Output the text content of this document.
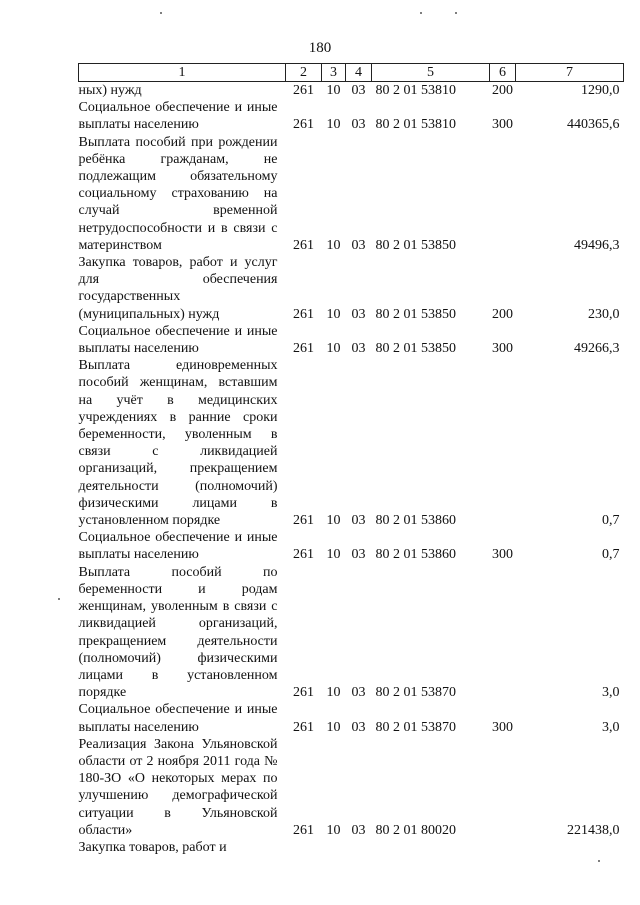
180
1	2	3	4	5	6	7
ных) нужд	261	10	03	80 2 01 53810	200	1290,0
Социальное обеспечение и иные выплаты населению	261	10	03	80 2 01 53810	300	440365,6
Выплата пособий при рождении ребёнка гражданам, не подлежащим обязательному социальному страхованию на случай временной нетрудоспособности и в связи с материнством	261	10	03	80 2 01 53850		49496,3
Закупка товаров, работ и услуг для обеспечения государственных (муниципальных) нужд	261	10	03	80 2 01 53850	200	230,0
Социальное обеспечение и иные выплаты населению	261	10	03	80 2 01 53850	300	49266,3
Выплата единовременных пособий женщинам, вставшим на учёт в медицинских учреждениях в ранние сроки беременности, уволенным в связи с ликвидацией организаций, прекращением деятельности (полномочий) физическими лицами в установленном порядке	261	10	03	80 2 01 53860		0,7
Социальное обеспечение и иные выплаты населению	261	10	03	80 2 01 53860	300	0,7
Выплата пособий по беременности и родам женщинам, уволенным в связи с ликвидацией организаций, прекращением деятельности (полномочий) физическими лицами в установленном порядке	261	10	03	80 2 01 53870		3,0
Социальное обеспечение и иные выплаты населению	261	10	03	80 2 01 53870	300	3,0
Реализация Закона Ульяновской области от 2 ноября 2011 года № 180-ЗО «О некоторых мерах по улучшению демографической ситуации в Ульяновской области»	261	10	03	80 2 01 80020		221438,0
Закупка товаров, работ и						
